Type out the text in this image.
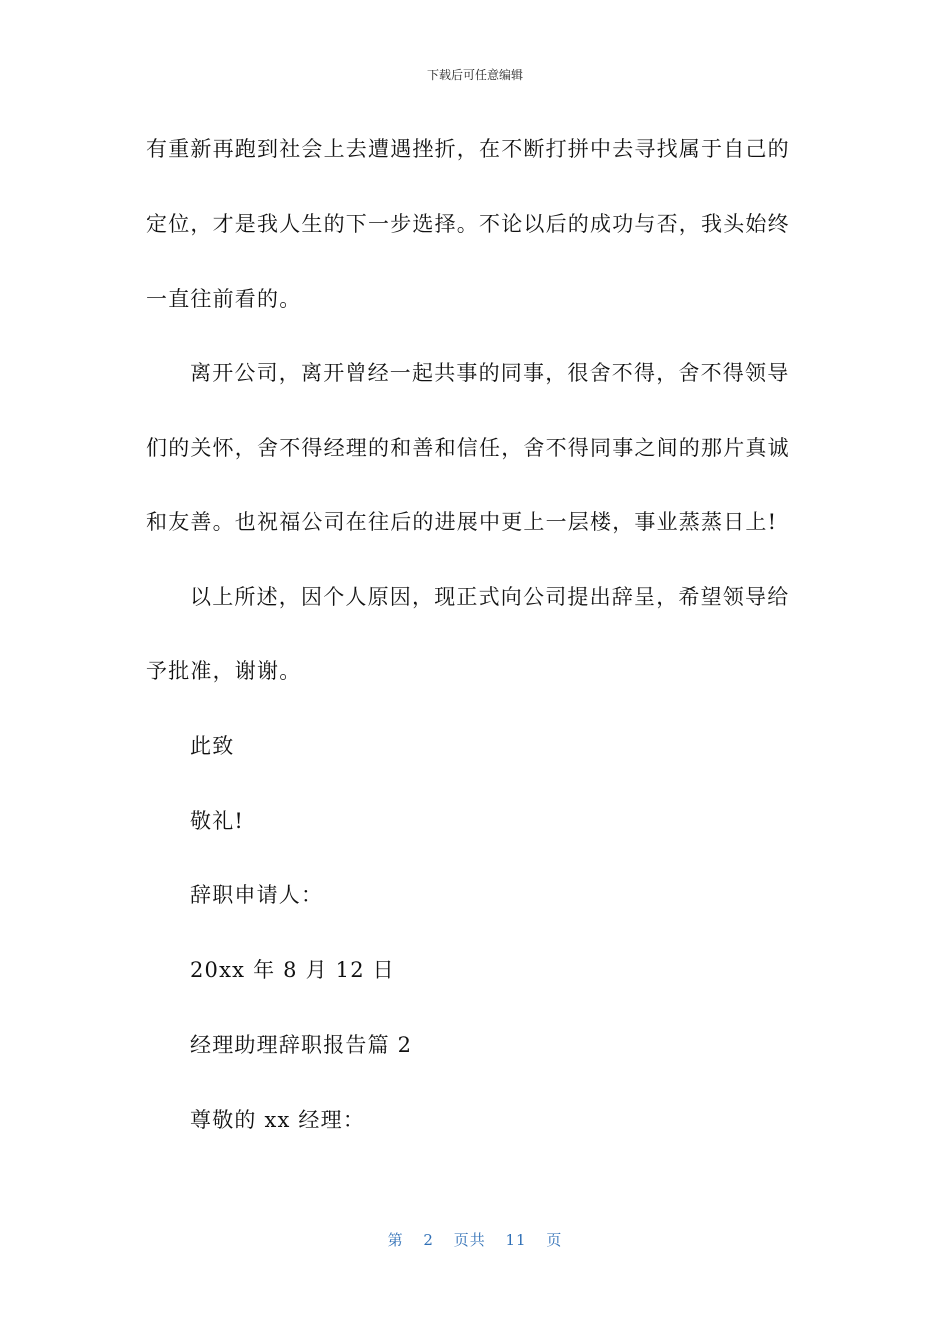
下载后可任意编辑
有重新再跑到社会上去遭遇挫折，在不断打拼中去寻找属于自己的
定位，才是我人生的下一步选择。不论以后的成功与否，我头始终
一直往前看的。
离开公司，离开曾经一起共事的同事，很舍不得，舍不得领导
们的关怀，舍不得经理的和善和信任，舍不得同事之间的那片真诚
和友善。也祝福公司在往后的进展中更上一层楼，事业蒸蒸日上!
以上所述，因个人原因，现正式向公司提出辞呈，希望领导给
予批准，谢谢。
此致
敬礼!
辞职申请人：
20xx 年 8 月 12 日
经理助理辞职报告篇 2
尊敬的 xx 经理：
第 2 页共 11 页
